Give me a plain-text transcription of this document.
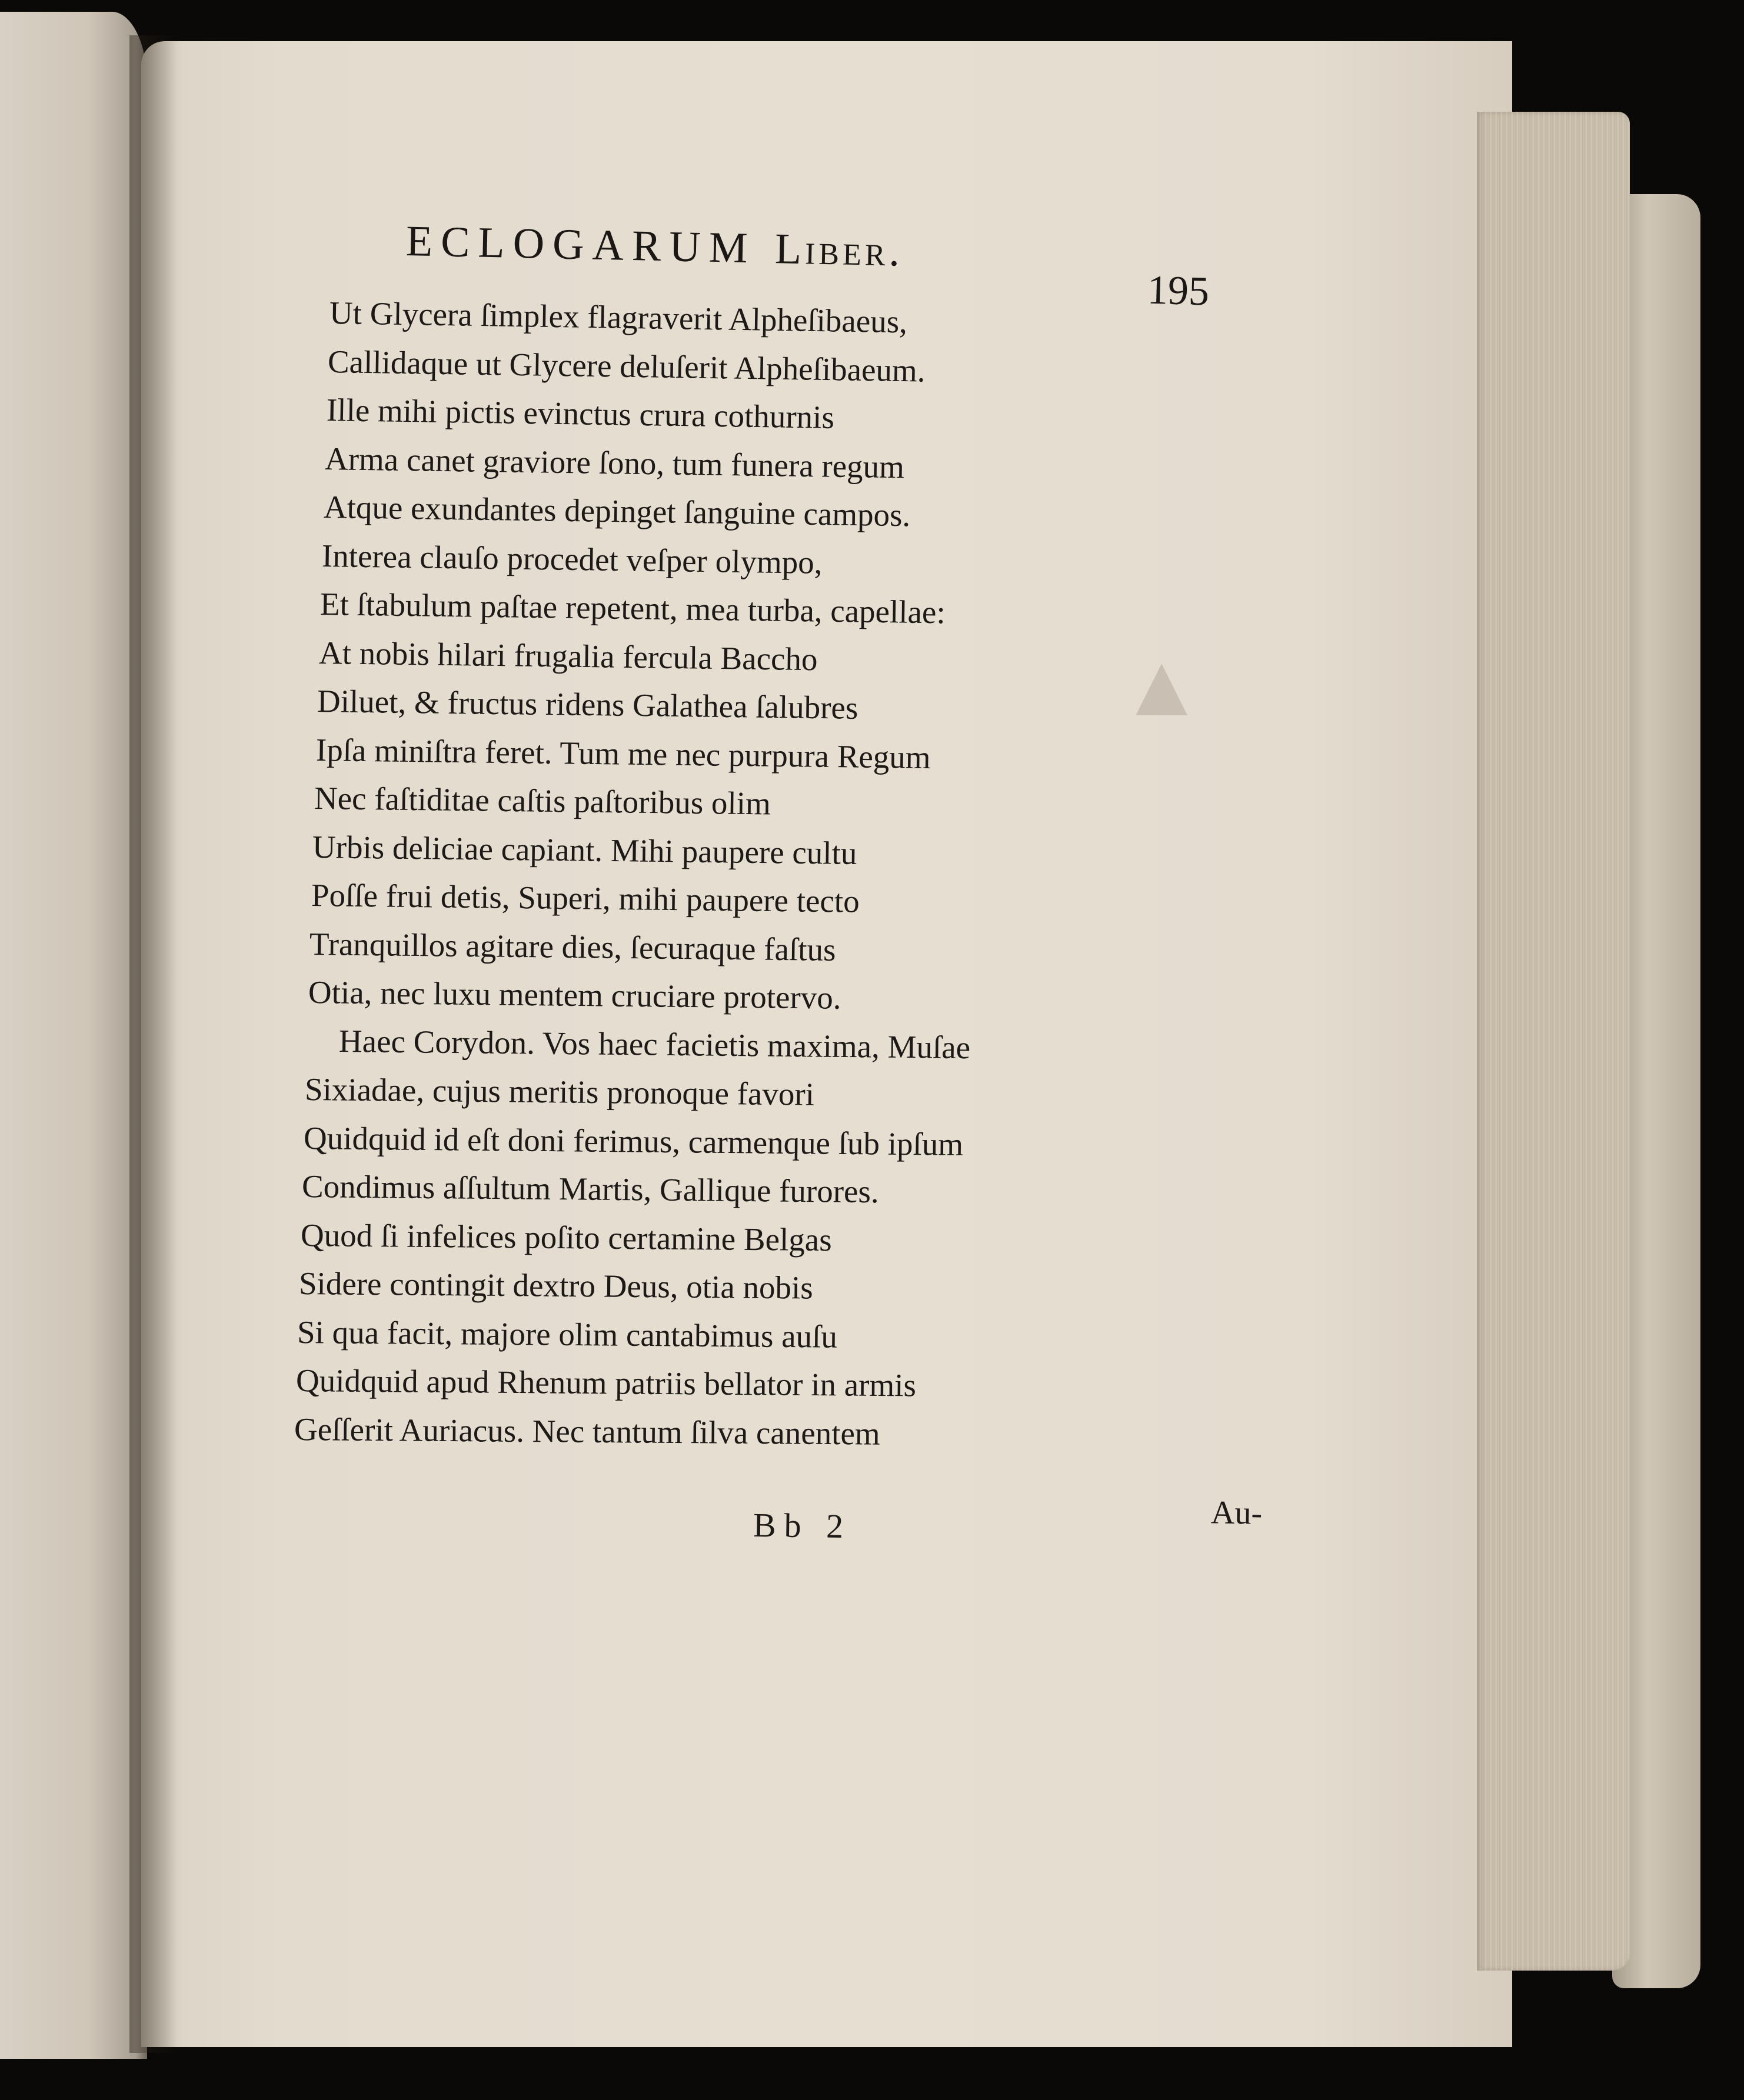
▲
ECLOGARUM Liber.
195
Ut Glycera ſimplex flagraverit Alpheſibaeus,
Callidaque ut Glycere deluſerit Alpheſibaeum.
Ille mihi pictis evinctus crura cothurnis
Arma canet graviore ſono, tum funera regum
Atque exundantes depinget ſanguine campos.
Interea clauſo procedet veſper olympo,
Et ſtabulum paſtae repetent, mea turba, capellae:
At nobis hilari frugalia fercula Baccho
Diluet, & fructus ridens Galathea ſalubres
Ipſa miniſtra feret. Tum me nec purpura Regum
Nec faſtiditae caſtis paſtoribus olim
Urbis deliciae capiant. Mihi paupere cultu
Poſſe frui detis, Superi, mihi paupere tecto
Tranquillos agitare dies, ſecuraque faſtus
Otia, nec luxu mentem cruciare protervo.
Haec Corydon. Vos haec facietis maxima, Muſae
Sixiadae, cujus meritis pronoque favori
Quidquid id eſt doni ferimus, carmenque ſub ipſum
Condimus aſſultum Martis, Gallique furores.
Quod ſi infelices poſito certamine Belgas
Sidere contingit dextro Deus, otia nobis
Si qua facit, majore olim cantabimus auſu
Quidquid apud Rhenum patriis bellator in armis
Geſſerit Auriacus. Nec tantum ſilva canentem
Bb 2	Au-
